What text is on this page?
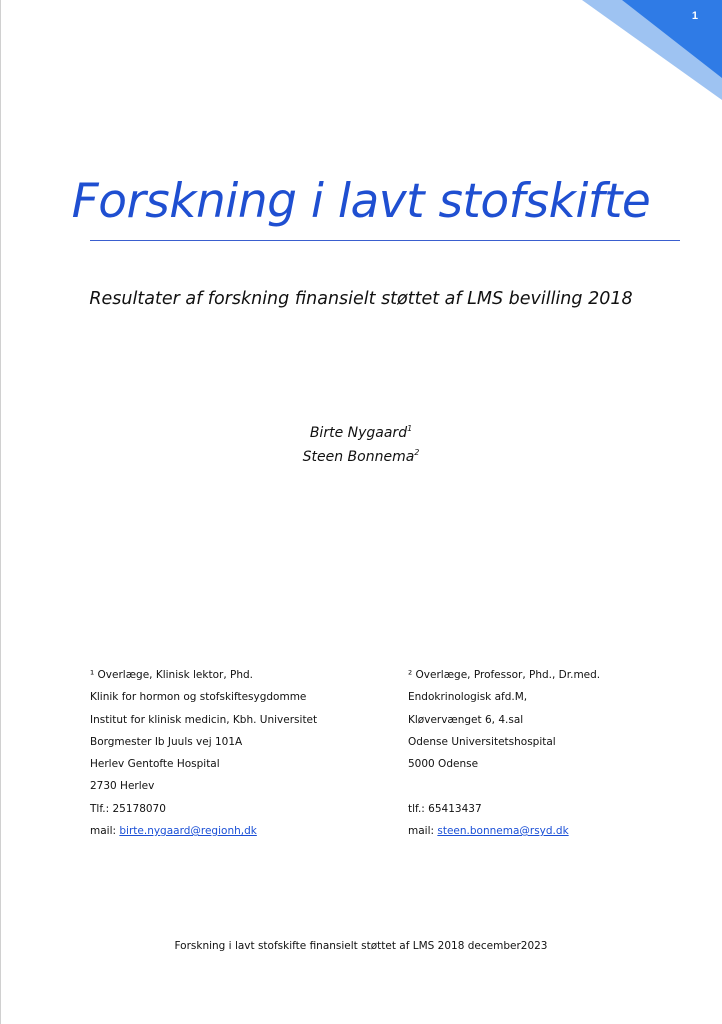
1
Forskning i lavt stofskifte
Resultater af forskning finansielt støttet af LMS bevilling 2018
Birte Nygaard$^1$
Steen Bonnema$^2$
¹ Overlæge, Klinisk lektor, Phd.
Klinik for hormon og stofskiftesygdomme
Institut for klinisk medicin, Kbh. Universitet
Borgmester Ib Juuls vej 101A
Herlev Gentofte Hospital
2730 Herlev
Tlf.: 25178070
mail: birte.nygaard@regionh,dk
² Overlæge, Professor, Phd., Dr.med.
Endokrinologisk afd.M,
Kløvervænget 6, 4.sal
Odense Universitetshospital
5000 Odense
tlf.: 65413437
mail: steen.bonnema@rsyd.dk
Forskning i lavt stofskifte finansielt støttet af LMS 2018 december2023
